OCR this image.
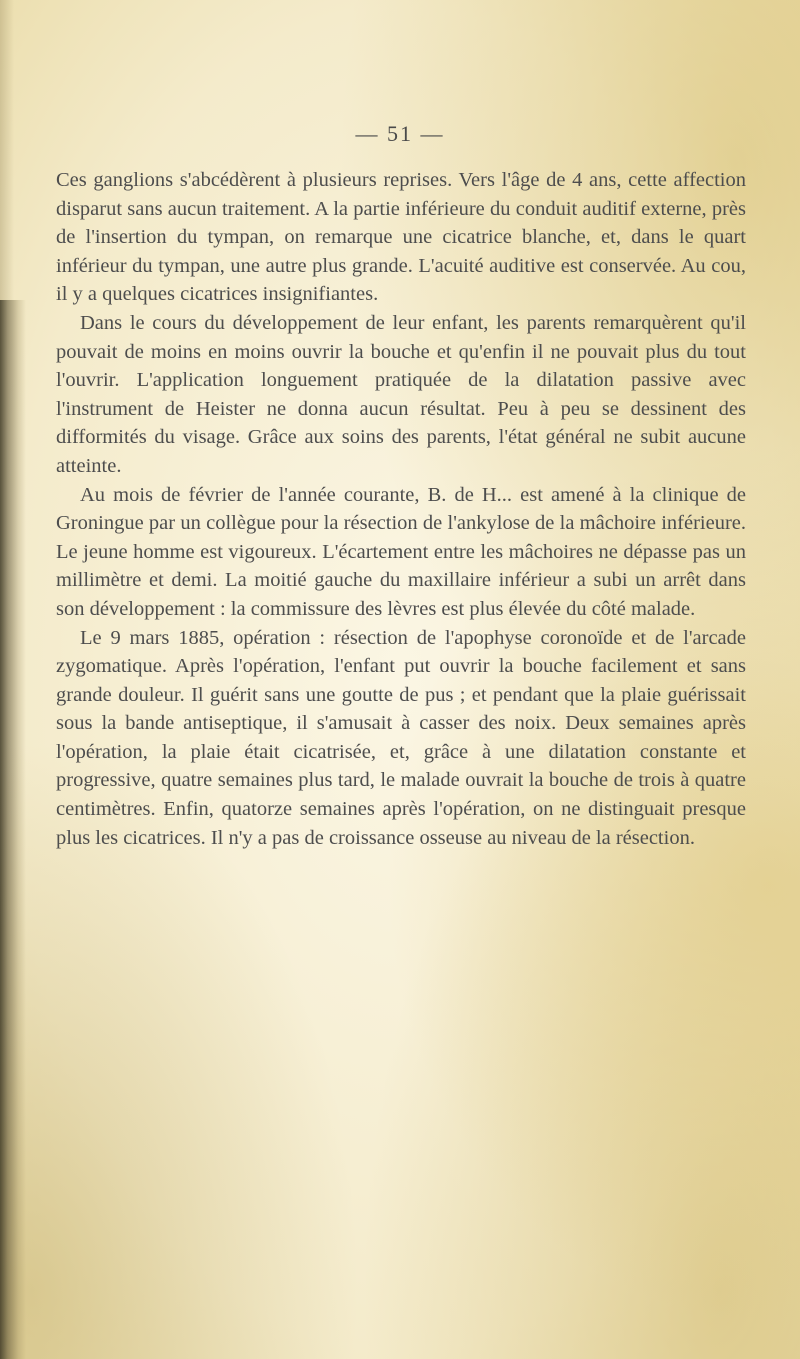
— 51 —

Ces ganglions s'abcédèrent à plusieurs reprises. Vers l'âge de 4 ans, cette affection disparut sans aucun traitement. A la partie inférieure du conduit auditif externe, près de l'insertion du tympan, on remarque une cicatrice blanche, et, dans le quart inférieur du tympan, une autre plus grande. L'acuité auditive est conservée. Au cou, il y a quelques cicatrices insignifiantes.

Dans le cours du développement de leur enfant, les parents remarquèrent qu'il pouvait de moins en moins ouvrir la bouche et qu'enfin il ne pouvait plus du tout l'ouvrir. L'application longuement pratiquée de la dilatation passive avec l'instrument de Heister ne donna aucun résultat. Peu à peu se dessinent des difformités du visage. Grâce aux soins des parents, l'état général ne subit aucune atteinte.

Au mois de février de l'année courante, B. de H... est amené à la clinique de Groningue par un collègue pour la résection de l'ankylose de la mâchoire inférieure. Le jeune homme est vigoureux. L'écartement entre les mâchoires ne dépasse pas un millimètre et demi. La moitié gauche du maxillaire inférieur a subi un arrêt dans son développement : la commissure des lèvres est plus élevée du côté malade.

Le 9 mars 1885, opération : résection de l'apophyse coronoïde et de l'arcade zygomatique. Après l'opération, l'enfant put ouvrir la bouche facilement et sans grande douleur. Il guérit sans une goutte de pus ; et pendant que la plaie guérissait sous la bande antiseptique, il s'amusait à casser des noix. Deux semaines après l'opération, la plaie était cicatrisée, et, grâce à une dilatation constante et progressive, quatre semaines plus tard, le malade ouvrait la bouche de trois à quatre centimètres. Enfin, quatorze semaines après l'opération, on ne distinguait presque plus les cicatrices. Il n'y a pas de croissance osseuse au niveau de la résection.
